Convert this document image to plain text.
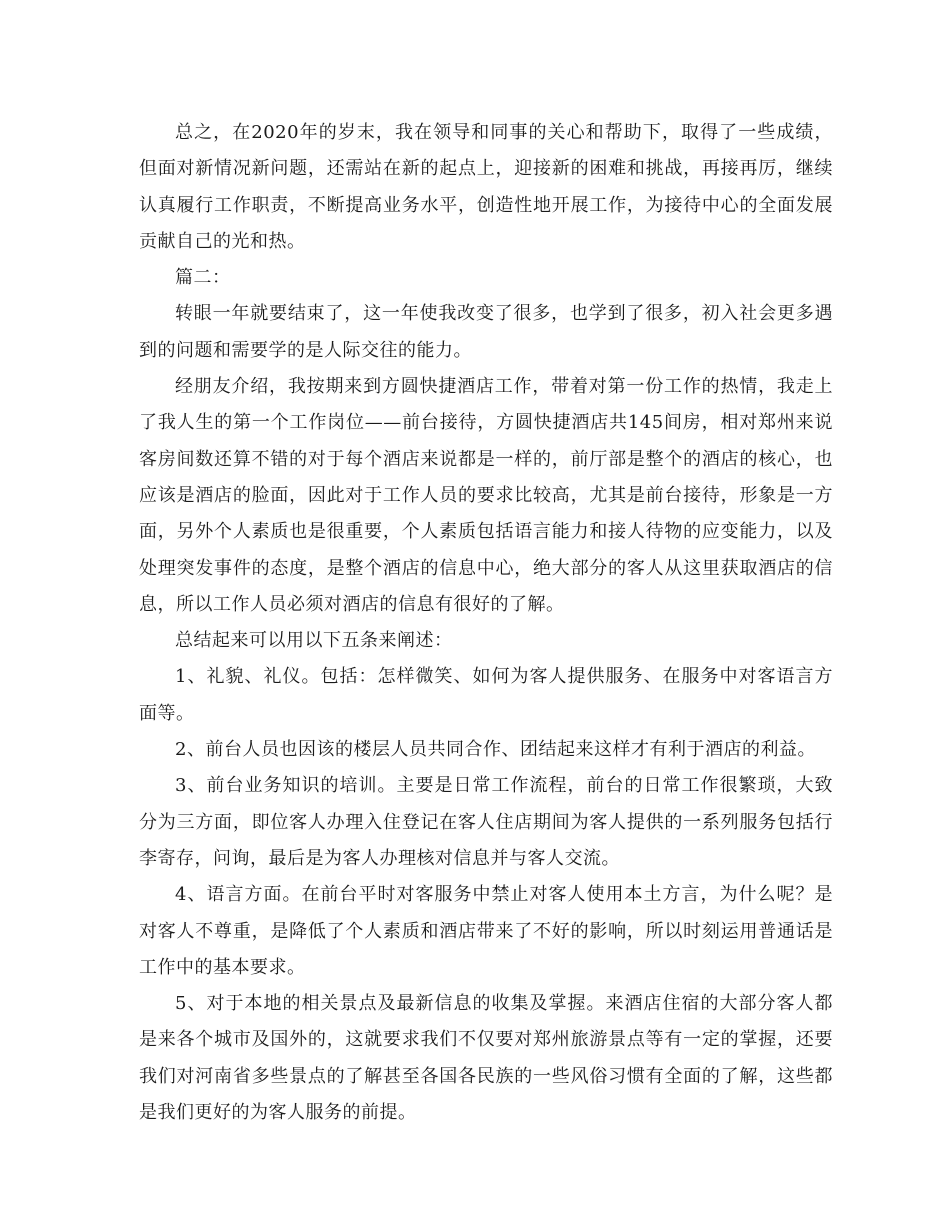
总之，在2020年的岁末，我在领导和同事的关心和帮助下，取得了一些成绩，但面对新情况新问题，还需站在新的起点上，迎接新的困难和挑战，再接再厉，继续认真履行工作职责，不断提高业务水平，创造性地开展工作，为接待中心的全面发展贡献自己的光和热。

篇二：

转眼一年就要结束了，这一年使我改变了很多，也学到了很多，初入社会更多遇到的问题和需要学的是人际交往的能力。

经朋友介绍，我按期来到方圆快捷酒店工作，带着对第一份工作的热情，我走上了我人生的第一个工作岗位——前台接待，方圆快捷酒店共145间房，相对郑州来说客房间数还算不错的对于每个酒店来说都是一样的，前厅部是整个的酒店的核心，也应该是酒店的脸面，因此对于工作人员的要求比较高，尤其是前台接待，形象是一方面，另外个人素质也是很重要，个人素质包括语言能力和接人待物的应变能力，以及处理突发事件的态度，是整个酒店的信息中心，绝大部分的客人从这里获取酒店的信息，所以工作人员必须对酒店的信息有很好的了解。

总结起来可以用以下五条来阐述：

1、礼貌、礼仪。包括：怎样微笑、如何为客人提供服务、在服务中对客语言方面等。

2、前台人员也因该的楼层人员共同合作、团结起来这样才有利于酒店的利益。

3、前台业务知识的培训。主要是日常工作流程，前台的日常工作很繁琐，大致分为三方面，即位客人办理入住登记在客人住店期间为客人提供的一系列服务包括行李寄存，问询，最后是为客人办理核对信息并与客人交流。

4、语言方面。在前台平时对客服务中禁止对客人使用本土方言，为什么呢？是对客人不尊重，是降低了个人素质和酒店带来了不好的影响，所以时刻运用普通话是工作中的基本要求。

5、对于本地的相关景点及最新信息的收集及掌握。来酒店住宿的大部分客人都是来各个城市及国外的，这就要求我们不仅要对郑州旅游景点等有一定的掌握，还要我们对河南省多些景点的了解甚至各国各民族的一些风俗习惯有全面的了解，这些都是我们更好的为客人服务的前提。
